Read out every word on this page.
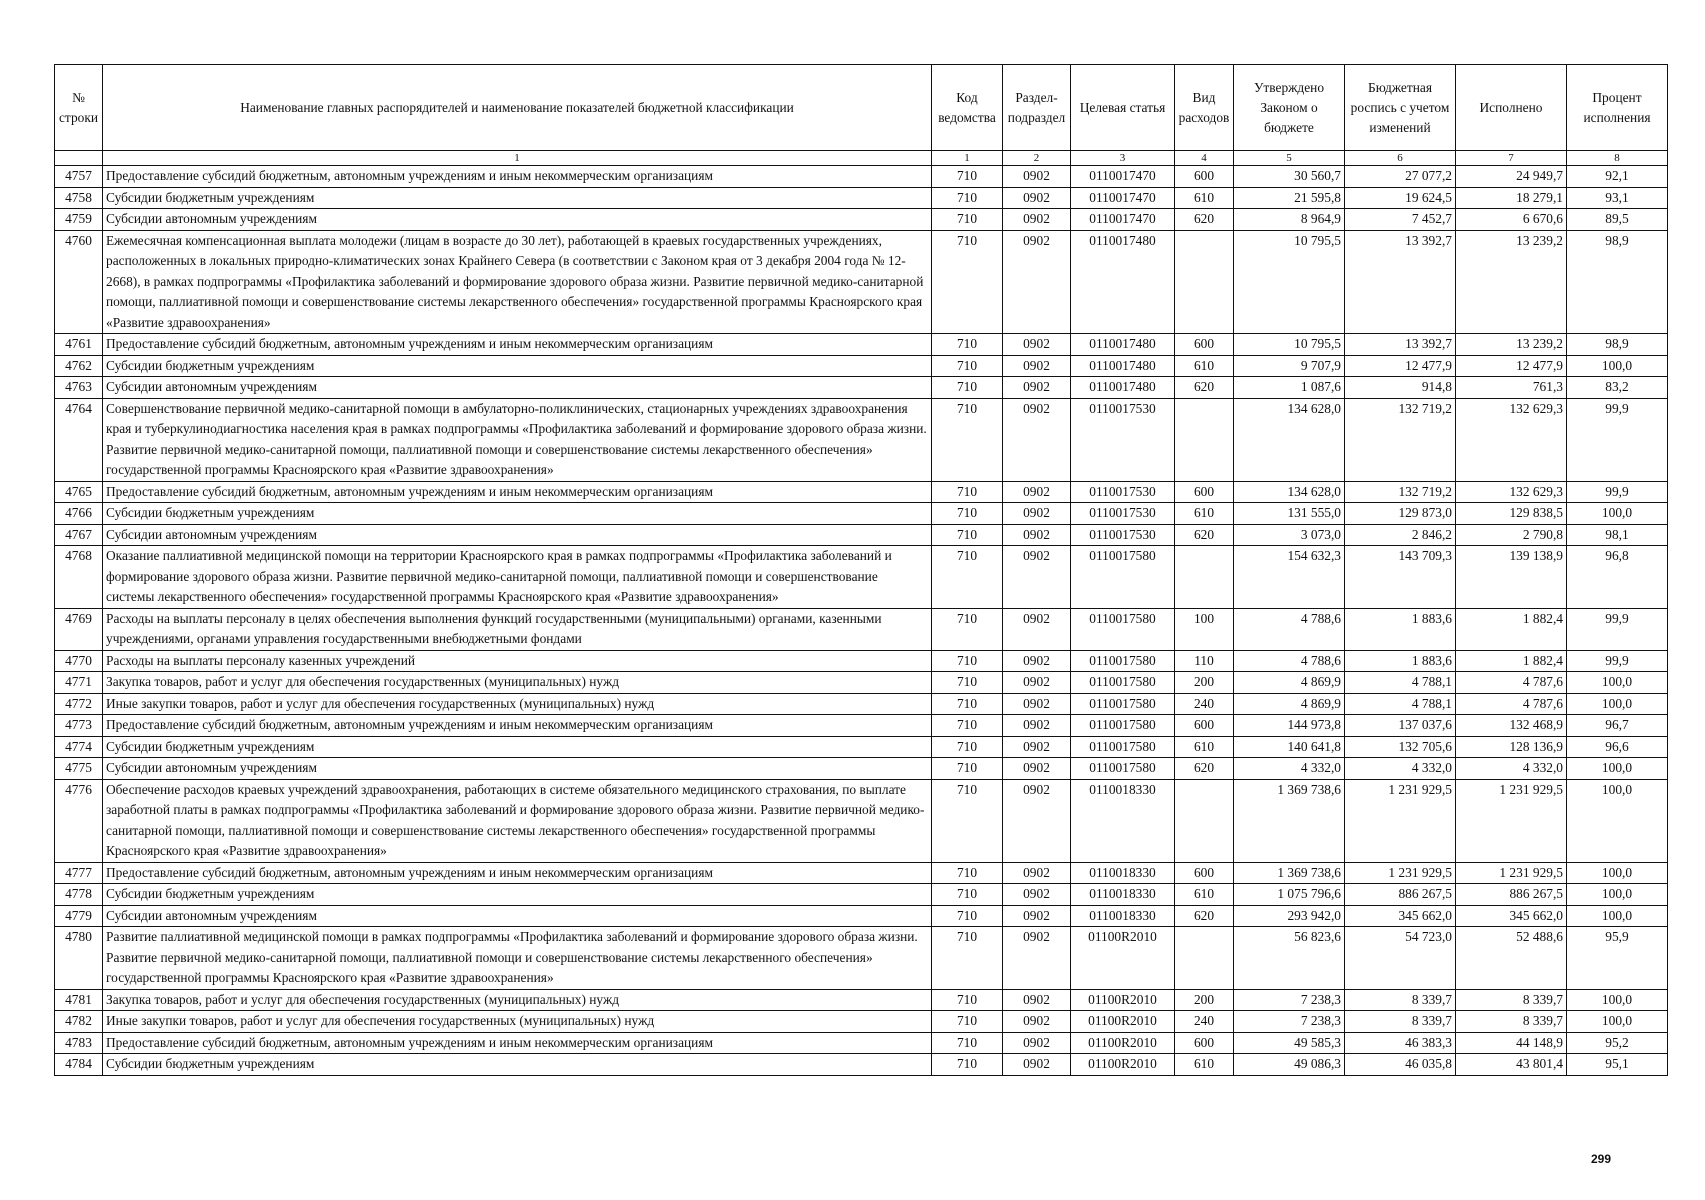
№ строки	Наименование главных распорядителей и наименование показателей бюджетной классификации	Код ведомства	Раздел-подраздел	Целевая статья	Вид расходов	Утверждено Законом о бюджете	Бюджетная роспись с учетом изменений	Исполнено	Процент исполнения
	1	1	2	3	4	5	6	7	8
4757	Предоставление субсидий бюджетным, автономным учреждениям и иным некоммерческим организациям	710	0902	0110017470	600	30 560,7	27 077,2	24 949,7	92,1
4758	Субсидии бюджетным учреждениям	710	0902	0110017470	610	21 595,8	19 624,5	18 279,1	93,1
4759	Субсидии автономным учреждениям	710	0902	0110017470	620	8 964,9	7 452,7	6 670,6	89,5
4760	Ежемесячная компенсационная выплата молодежи (лицам в возрасте до 30 лет), работающей в краевых государственных учреждениях, расположенных в локальных природно-климатических зонах Крайнего Севера (в соответствии с Законом края от 3 декабря 2004 года № 12-2668), в рамках подпрограммы «Профилактика заболеваний и формирование здорового образа жизни. Развитие первичной медико-санитарной помощи, паллиативной помощи и совершенствование системы лекарственного обеспечения» государственной программы Красноярского края «Развитие здравоохранения»	710	0902	0110017480		10 795,5	13 392,7	13 239,2	98,9
4761	Предоставление субсидий бюджетным, автономным учреждениям и иным некоммерческим организациям	710	0902	0110017480	600	10 795,5	13 392,7	13 239,2	98,9
4762	Субсидии бюджетным учреждениям	710	0902	0110017480	610	9 707,9	12 477,9	12 477,9	100,0
4763	Субсидии автономным учреждениям	710	0902	0110017480	620	1 087,6	914,8	761,3	83,2
4764	Совершенствование первичной медико-санитарной помощи в амбулаторно-поликлинических, стационарных учреждениях здравоохранения края и туберкулинодиагностика населения края в рамках подпрограммы «Профилактика заболеваний и формирование здорового образа жизни. Развитие первичной медико-санитарной помощи, паллиативной помощи и совершенствование системы лекарственного обеспечения» государственной программы Красноярского края «Развитие здравоохранения»	710	0902	0110017530		134 628,0	132 719,2	132 629,3	99,9
4765	Предоставление субсидий бюджетным, автономным учреждениям и иным некоммерческим организациям	710	0902	0110017530	600	134 628,0	132 719,2	132 629,3	99,9
4766	Субсидии бюджетным учреждениям	710	0902	0110017530	610	131 555,0	129 873,0	129 838,5	100,0
4767	Субсидии автономным учреждениям	710	0902	0110017530	620	3 073,0	2 846,2	2 790,8	98,1
4768	Оказание паллиативной медицинской помощи на территории Красноярского края в рамках подпрограммы «Профилактика заболеваний и формирование здорового образа жизни. Развитие первичной медико-санитарной помощи, паллиативной помощи и совершенствование системы лекарственного обеспечения» государственной программы Красноярского края «Развитие здравоохранения»	710	0902	0110017580		154 632,3	143 709,3	139 138,9	96,8
4769	Расходы на выплаты персоналу в целях обеспечения выполнения функций государственными (муниципальными) органами, казенными учреждениями, органами управления государственными внебюджетными фондами	710	0902	0110017580	100	4 788,6	1 883,6	1 882,4	99,9
4770	Расходы на выплаты персоналу казенных учреждений	710	0902	0110017580	110	4 788,6	1 883,6	1 882,4	99,9
4771	Закупка товаров, работ и услуг для обеспечения государственных (муниципальных) нужд	710	0902	0110017580	200	4 869,9	4 788,1	4 787,6	100,0
4772	Иные закупки товаров, работ и услуг для обеспечения государственных (муниципальных) нужд	710	0902	0110017580	240	4 869,9	4 788,1	4 787,6	100,0
4773	Предоставление субсидий бюджетным, автономным учреждениям и иным некоммерческим организациям	710	0902	0110017580	600	144 973,8	137 037,6	132 468,9	96,7
4774	Субсидии бюджетным учреждениям	710	0902	0110017580	610	140 641,8	132 705,6	128 136,9	96,6
4775	Субсидии автономным учреждениям	710	0902	0110017580	620	4 332,0	4 332,0	4 332,0	100,0
4776	Обеспечение расходов краевых учреждений здравоохранения, работающих в системе обязательного медицинского страхования, по выплате заработной платы в рамках подпрограммы «Профилактика заболеваний и формирование здорового образа жизни. Развитие первичной медико-санитарной помощи, паллиативной помощи и совершенствование системы лекарственного обеспечения» государственной программы Красноярского края «Развитие здравоохранения»	710	0902	0110018330		1 369 738,6	1 231 929,5	1 231 929,5	100,0
4777	Предоставление субсидий бюджетным, автономным учреждениям и иным некоммерческим организациям	710	0902	0110018330	600	1 369 738,6	1 231 929,5	1 231 929,5	100,0
4778	Субсидии бюджетным учреждениям	710	0902	0110018330	610	1 075 796,6	886 267,5	886 267,5	100,0
4779	Субсидии автономным учреждениям	710	0902	0110018330	620	293 942,0	345 662,0	345 662,0	100,0
4780	Развитие паллиативной медицинской помощи в рамках подпрограммы «Профилактика заболеваний и формирование здорового образа жизни. Развитие первичной медико-санитарной помощи, паллиативной помощи и совершенствование системы лекарственного обеспечения» государственной программы Красноярского края «Развитие здравоохранения»	710	0902	01100R2010		56 823,6	54 723,0	52 488,6	95,9
4781	Закупка товаров, работ и услуг для обеспечения государственных (муниципальных) нужд	710	0902	01100R2010	200	7 238,3	8 339,7	8 339,7	100,0
4782	Иные закупки товаров, работ и услуг для обеспечения государственных (муниципальных) нужд	710	0902	01100R2010	240	7 238,3	8 339,7	8 339,7	100,0
4783	Предоставление субсидий бюджетным, автономным учреждениям и иным некоммерческим организациям	710	0902	01100R2010	600	49 585,3	46 383,3	44 148,9	95,2
4784	Субсидии бюджетным учреждениям	710	0902	01100R2010	610	49 086,3	46 035,8	43 801,4	95,1
299
